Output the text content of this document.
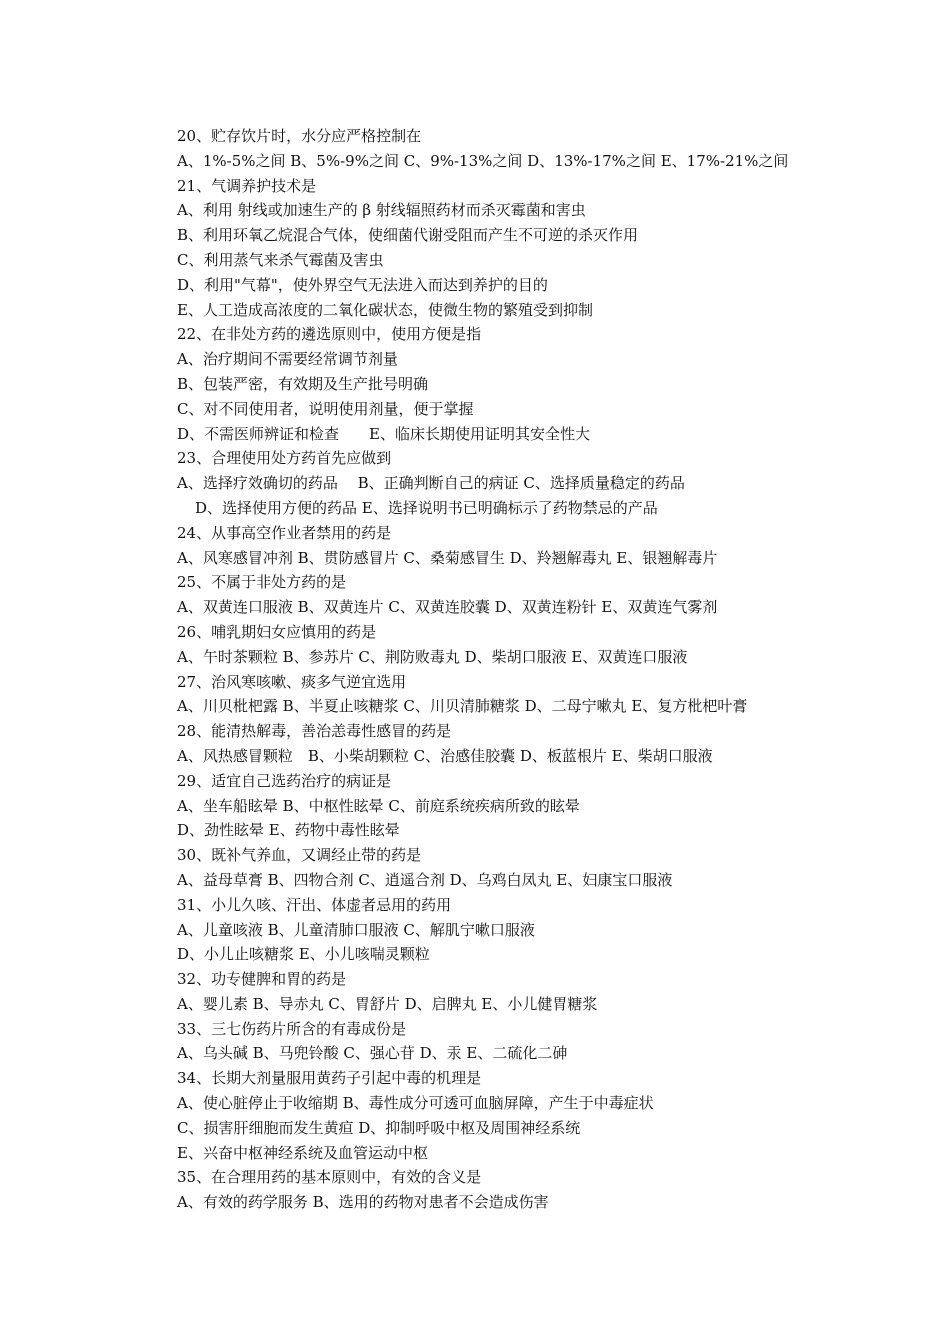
20、贮存饮片时，水分应严格控制在
A、1%-5%之间 B、5%-9%之间 C、9%-13%之间 D、13%-17%之间 E、17%-21%之间
21、气调养护技术是
A、利用 射线或加速生产的 β 射线辐照药材而杀灭霉菌和害虫
B、利用环氧乙烷混合气体，使细菌代谢受阻而产生不可逆的杀灭作用
C、利用蒸气来杀气霉菌及害虫
D、利用"气幕"，使外界空气无法进入而达到养护的目的
E、人工造成高浓度的二氧化碳状态，使微生物的繁殖受到抑制
22、在非处方药的遴选原则中，使用方便是指
A、治疗期间不需要经常调节剂量
B、包装严密，有效期及生产批号明确
C、对不同使用者，说明使用剂量，便于掌握
D、不需医师辨证和检查　　E、临床长期使用证明其安全性大
23、合理使用处方药首先应做到
A、选择疗效确切的药品　 B、正确判断自己的病证 C、选择质量稳定的药品
D、选择使用方便的药品 E、选择说明书已明确标示了药物禁忌的产品
24、从事高空作业者禁用的药是
A、风寒感冒冲剂 B、贯防感冒片 C、桑菊感冒生 D、羚翘解毒丸 E、银翘解毒片
25、不属于非处方药的是
A、双黄连口服液 B、双黄连片 C、双黄连胶囊 D、双黄连粉针 E、双黄连气雾剂
26、哺乳期妇女应慎用的药是
A、午时茶颗粒 B、参苏片 C、荆防败毒丸 D、柴胡口服液 E、双黄连口服液
27、治风寒咳嗽、痰多气逆宜选用
A、川贝枇杷露 B、半夏止咳糖浆 C、川贝清肺糖浆 D、二母宁嗽丸 E、复方枇杷叶膏
28、能清热解毒，善治恙毒性感冒的药是
A、风热感冒颗粒　B、小柴胡颗粒 C、治感佳胶囊 D、板蓝根片 E、柴胡口服液
29、适宜自己选药治疗的病证是
A、坐车船眩晕 B、中枢性眩晕 C、前庭系统疾病所致的眩晕
D、劲性眩晕 E、药物中毒性眩晕
30、既补气养血，又调经止带的药是
A、益母草膏 B、四物合剂 C、逍遥合剂 D、乌鸡白凤丸 E、妇康宝口服液
31、小儿久咳、汗出、体虚者忌用的药用
A、儿童咳液 B、儿童清肺口服液 C、解肌宁嗽口服液
D、小儿止咳糖浆 E、小儿咳喘灵颗粒
32、功专健脾和胃的药是
A、婴儿素 B、导赤丸 C、胃舒片 D、启脾丸 E、小儿健胃糖浆
33、三七伤药片所含的有毒成份是
A、乌头碱 B、马兜铃酸 C、强心苷 D、汞 E、二硫化二砷
34、长期大剂量服用黄药子引起中毒的机理是
A、使心脏停止于收缩期 B、毒性成分可透可血脑屏障，产生于中毒症状
C、损害肝细胞而发生黄疸 D、抑制呼吸中枢及周围神经系统
E、兴奋中枢神经系统及血管运动中枢
35、在合理用药的基本原则中，有效的含义是
A、有效的药学服务 B、选用的药物对患者不会造成伤害
